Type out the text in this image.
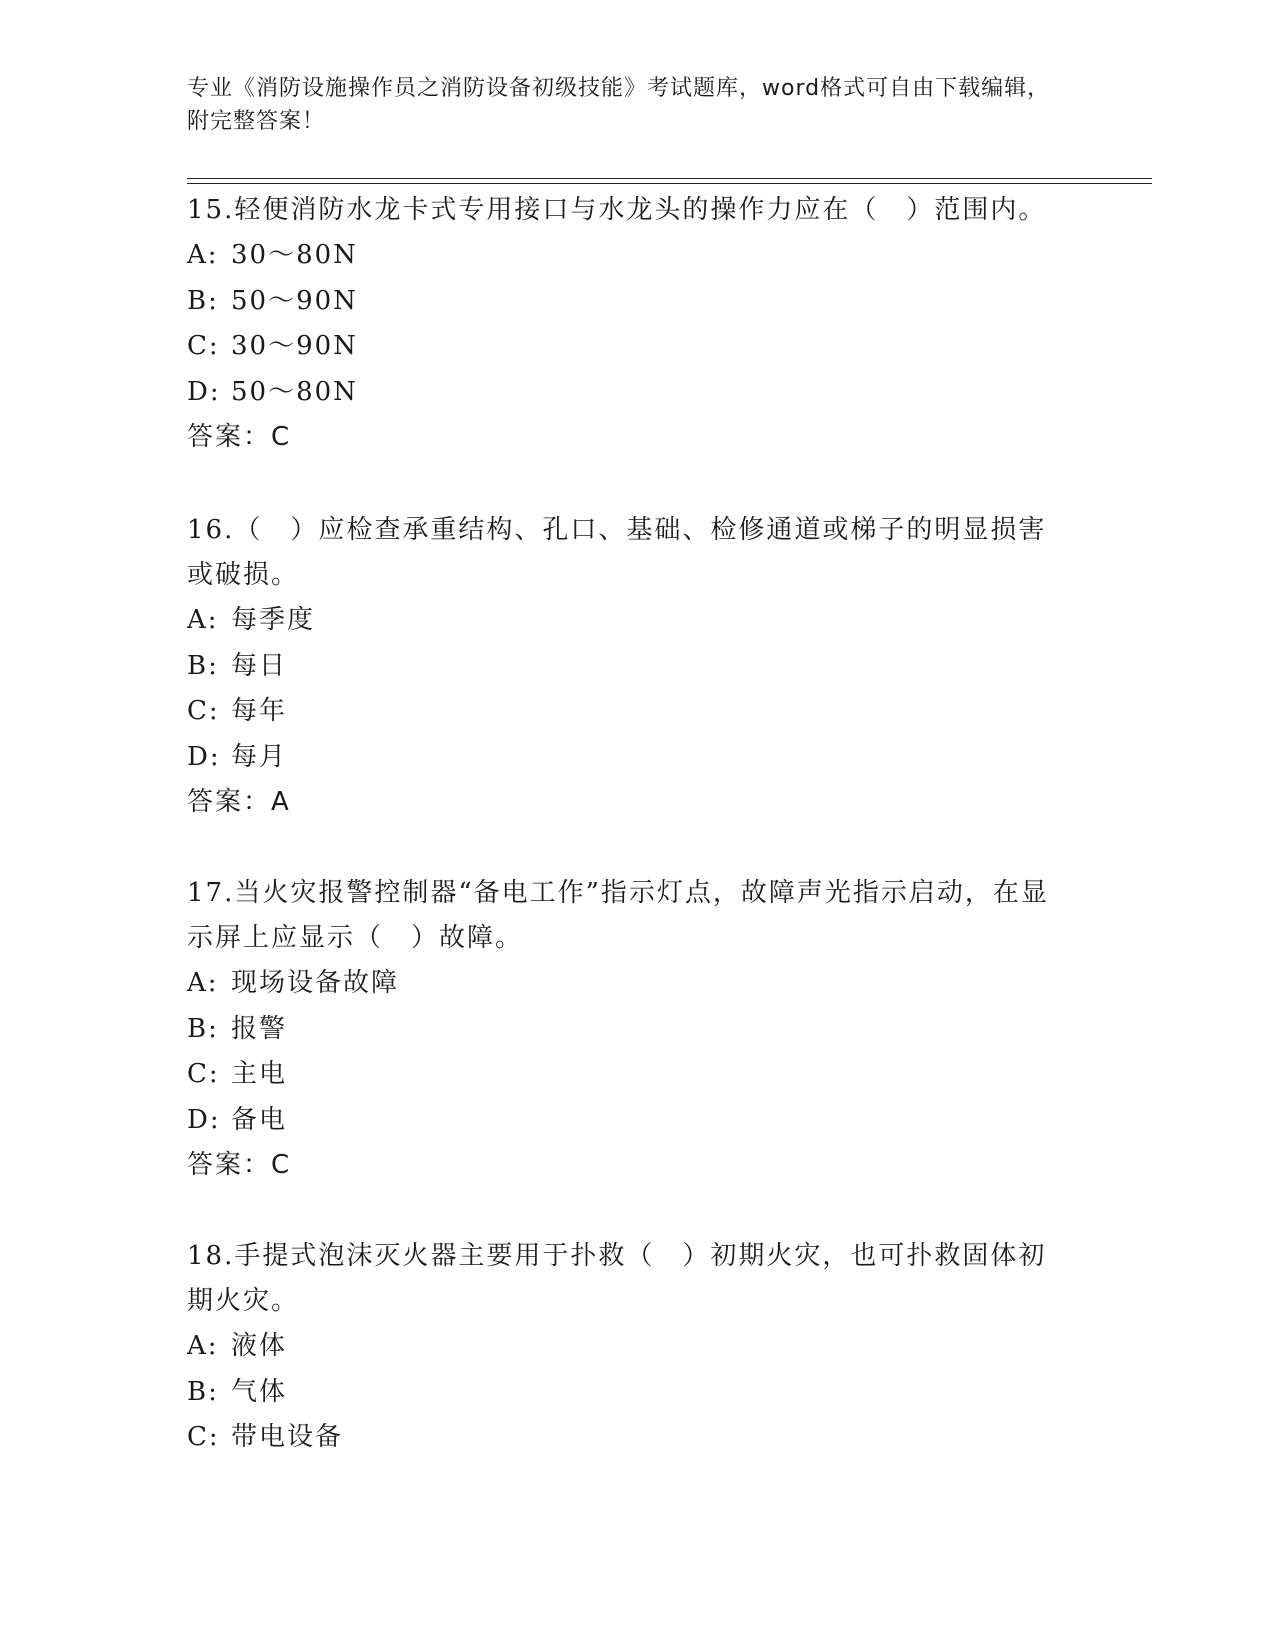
专业《消防设施操作员之消防设备初级技能》考试题库，word格式可自由下载编辑，附完整答案！
15.轻便消防水龙卡式专用接口与水龙头的操作力应在（　）范围内。
A: 30～80N
B: 50～90N
C: 30～90N
D: 50～80N
答案：C
16.（　）应检查承重结构、孔口、基础、检修通道或梯子的明显损害或破损。
A: 每季度
B: 每日
C: 每年
D: 每月
答案：A
17.当火灾报警控制器“备电工作”指示灯点，故障声光指示启动，在显示屏上应显示（　）故障。
A: 现场设备故障
B: 报警
C: 主电
D: 备电
答案：C
18.手提式泡沫灭火器主要用于扑救（　）初期火灾，也可扑救固体初期火灾。
A: 液体
B: 气体
C: 带电设备
